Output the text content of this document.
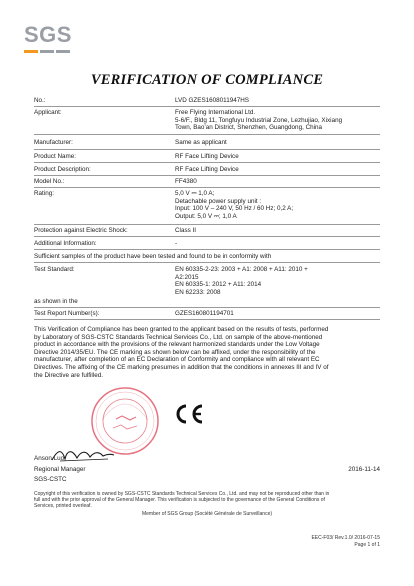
SGS
VERIFICATION OF COMPLIANCE
No.:	LVD GZES1608011947HS
Applicant:	Free Flying International Ltd.
5-6/F., Bldg 11, Tongfuyu Industrial Zone, Lezhujiao, Xixiang
Town, Bao’an District, Shenzhen, Guangdong, China
Manufacturer:	Same as applicant
Product Name:	RF Face Lifting Device
Product Description:	RF Face Lifting Device
Model No.:	FF4380
Rating:	5,0 V ⎓ 1,0 A;
Detachable power supply unit :
Input: 100 V – 240 V, 50 Hz / 60 Hz; 0,2 A;
Output: 5,0 V ⎓; 1,0 A
Protection against Electric Shock:	Class II
Additional Information:	-
Sufficient samples of the product have been tested and found to be in conformity with
Test Standard:	EN 60335-2-23: 2003 + A1: 2008 + A11: 2010 +
A2:2015
EN 60335-1: 2012 + A11: 2014
EN 62233: 2008
as shown in the
Test Report Number(s):	GZES160801194701
This Verification of Compliance has been granted to the applicant based on the results of tests, performed
by Laboratory of SGS-CSTC Standards Technical Services Co., Ltd. on sample of the above-mentioned
product in accordance with the provisions of the relevant harmonized standards under the Low Voltage
Directive 2014/35/EU. The CE marking as shown below can be affixed, under the responsibility of the
manufacturer, after completion of an EC Declaration of Conformity and compliance with all relevant EC
Directives. The affixing of the CE marking presumes in addition that the conditions in annexes III and IV of
the Directive are fulfilled.
Anson Luo
Regional Manager
SGS-CSTC
2016-11-14
Copyright of this verification is owned by SGS-CSTC Standards Technical Services Co., Ltd. and may not be reproduced other than in
full and with the prior approval of the General Manager. This verification is subjected to the governance of the General Conditions of
Services, printed overleaf.
Member of SGS Group (Société Générale de Surveillance)
EEC-F03/ Rev.1.0/ 2016-07-15
Page 1 of 1
